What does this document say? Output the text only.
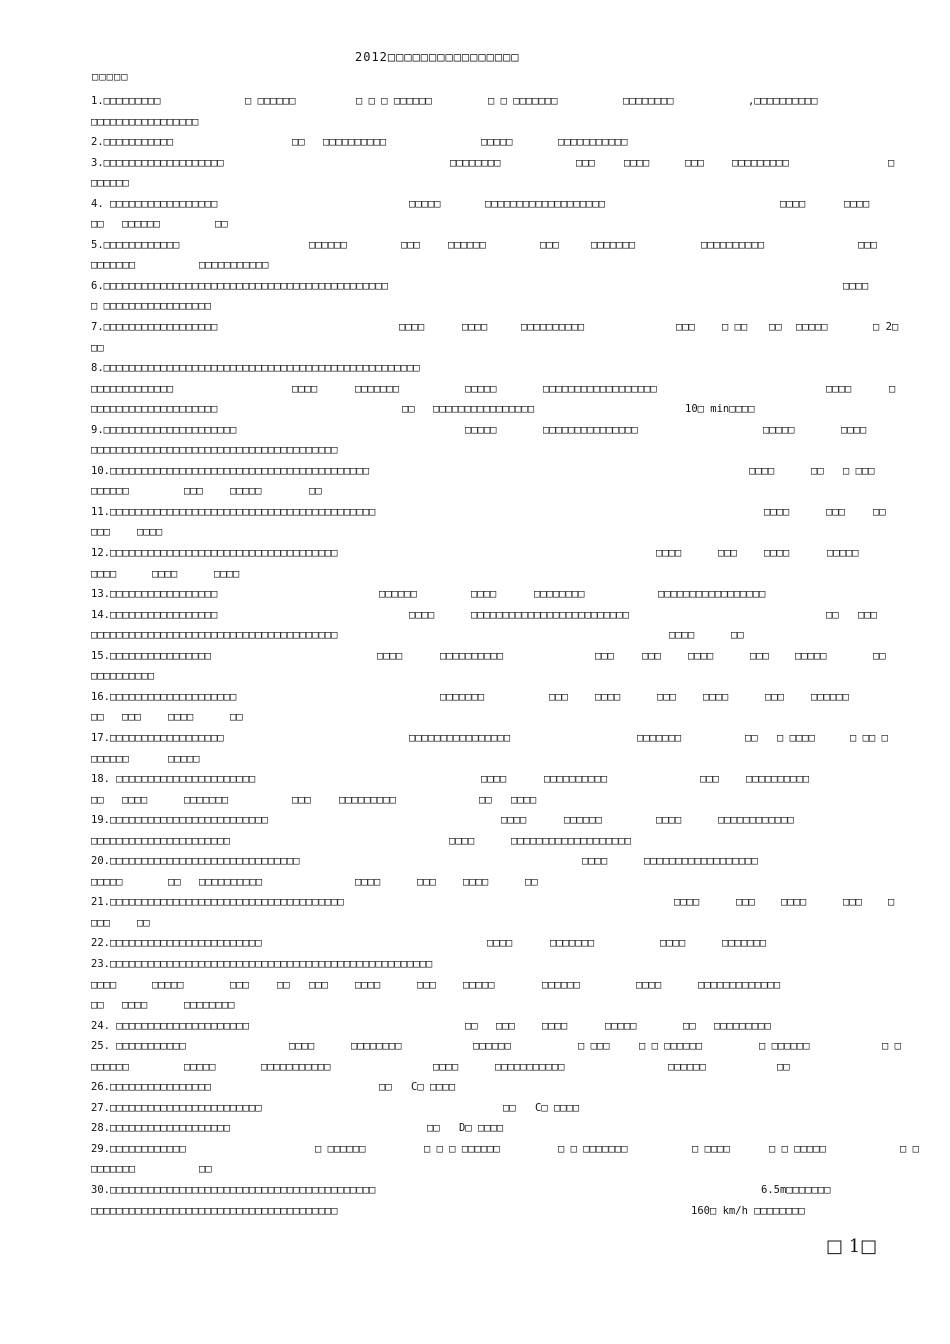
2012□□□□□□□□□□□□□□□□
□□□□□
1.□□□□□□□□□	□ □□□□□□	□ □ □ □□□□□□	□ □ □□□□□□□	□□□□□□□□	,□□□□□□□□□□
□□□□□□□□□□□□□□□□□
2.□□□□□□□□□□□	□□ □□□□□□□□□□	□□□□□	□□□□□□□□□□□
3.□□□□□□□□□□□□□□□□□□□	□□□□□□□□	□□□	□□□□	□□□	□□□□□□□□□	□
□□□□□□
4. □□□□□□□□□□□□□□□□□	□□□□□	□□□□□□□□□□□□□□□□□□□	□□□□	□□□□
□□ □□□□□□	□□
5.□□□□□□□□□□□□	□□□□□□	□□□	□□□□□□	□□□	□□□□□□□	□□□□□□□□□□	□□□
□□□□□□□	□□□□□□□□□□□
6.□□□□□□□□□□□□□□□□□□□□□□□□□□□□□□□□□□□□□□□□□□□□□	□□□□
□ □□□□□□□□□□□□□□□□□
7.□□□□□□□□□□□□□□□□□□	□□□□	□□□□	□□□□□□□□□□	□□□	□ □□ □□ □□□□□	□ 2□
□□
8.□□□□□□□□□□□□□□□□□□□□□□□□□□□□□□□□□□□□□□□□□□□□□□□□□□
□□□□□□□□□□□□□	□□□□	□□□□□□□	□□□□□	□□□□□□□□□□□□□□□□□□	□□□□	□
□□□□□□□□□□□□□□□□□□□□	□□ □□□□□□□□□□□□□□□□	10□ min□□□□
9.□□□□□□□□□□□□□□□□□□□□□	□□□□□	□□□□□□□□□□□□□□□	□□□□□	□□□□
□□□□□□□□□□□□□□□□□□□□□□□□□□□□□□□□□□□□□□□
10.□□□□□□□□□□□□□□□□□□□□□□□□□□□□□□□□□□□□□□□□□	□□□□	□□ □ □□□
□□□□□□	□□□	□□□□□	□□
11.□□□□□□□□□□□□□□□□□□□□□□□□□□□□□□□□□□□□□□□□□□	□□□□	□□□	□□
□□□	□□□□
12.□□□□□□□□□□□□□□□□□□□□□□□□□□□□□□□□□□□□	□□□□	□□□	□□□□	□□□□□
□□□□	□□□□	□□□□
13.□□□□□□□□□□□□□□□□□	□□□□□□	□□□□	□□□□□□□□	□□□□□□□□□□□□□□□□□
14.□□□□□□□□□□□□□□□□□	□□□□	□□□□□□□□□□□□□□□□□□□□□□□□□	□□ □□□
□□□□□□□□□□□□□□□□□□□□□□□□□□□□□□□□□□□□□□□	□□□□	□□
15.□□□□□□□□□□□□□□□□	□□□□	□□□□□□□□□□	□□□	□□□	□□□□	□□□ □□□□□	□□
□□□□□□□□□□
16.□□□□□□□□□□□□□□□□□□□□	□□□□□□□	□□□	□□□□	□□□	□□□□	□□□	□□□□□□
□□ □□□	□□□□	□□
17.□□□□□□□□□□□□□□□□□□	□□□□□□□□□□□□□□□□	□□□□□□□	□□ □ □□□□	□ □□ □
□□□□□□	□□□□□
18. □□□□□□□□□□□□□□□□□□□□□□	□□□□	□□□□□□□□□□	□□□	□□□□□□□□□□
□□ □□□□	□□□□□□□	□□□	□□□□□□□□□	□□ □□□□
19.□□□□□□□□□□□□□□□□□□□□□□□□□	□□□□	□□□□□□	□□□□	□□□□□□□□□□□□
□□□□□□□□□□□□□□□□□□□□□□	□□□□	□□□□□□□□□□□□□□□□□□□
20.□□□□□□□□□□□□□□□□□□□□□□□□□□□□□□	□□□□	□□□□□□□□□□□□□□□□□□
□□□□□	□□ □□□□□□□□□□	□□□□	□□□	□□□□	□□
21.□□□□□□□□□□□□□□□□□□□□□□□□□□□□□□□□□□□□□	□□□□	□□□ □□□□	□□□ □
□□□	□□
22.□□□□□□□□□□□□□□□□□□□□□□□□	□□□□	□□□□□□□	□□□□	□□□□□□□
23.□□□□□□□□□□□□□□□□□□□□□□□□□□□□□□□□□□□□□□□□□□□□□□□□□□□
□□□□	□□□□□	□□□	□□ □□□	□□□□	□□□	□□□□□	□□□□□□	□□□□	□□□□□□□□□□□□□
□□ □□□□	□□□□□□□□
24. □□□□□□□□□□□□□□□□□□□□□	□□ □□□	□□□□	□□□□□	□□ □□□□□□□□□
25. □□□□□□□□□□□	□□□□	□□□□□□□□	□□□□□□	□ □□□	□ □ □□□□□□	□ □□□□□□	□ □
□□□□□□	□□□□□	□□□□□□□□□□□	□□□□	□□□□□□□□□□□	□□□□□□	□□
26.□□□□□□□□□□□□□□□□	□□ C□ □□□□
27.□□□□□□□□□□□□□□□□□□□□□□□□	□□ C□ □□□□
28.□□□□□□□□□□□□□□□□□□□	□□ D□ □□□□
29.□□□□□□□□□□□□	□ □□□□□□	□ □ □ □□□□□□	□ □ □□□□□□□	□ □□□□	□ □ □□□□□	□ □
□□□□□□□	□□
30.□□□□□□□□□□□□□□□□□□□□□□□□□□□□□□□□□□□□□□□□□□	6.5m□□□□□□□
□□□□□□□□□□□□□□□□□□□□□□□□□□□□□□□□□□□□□□□	160□ km/h □□□□□□□□
□ 1□
